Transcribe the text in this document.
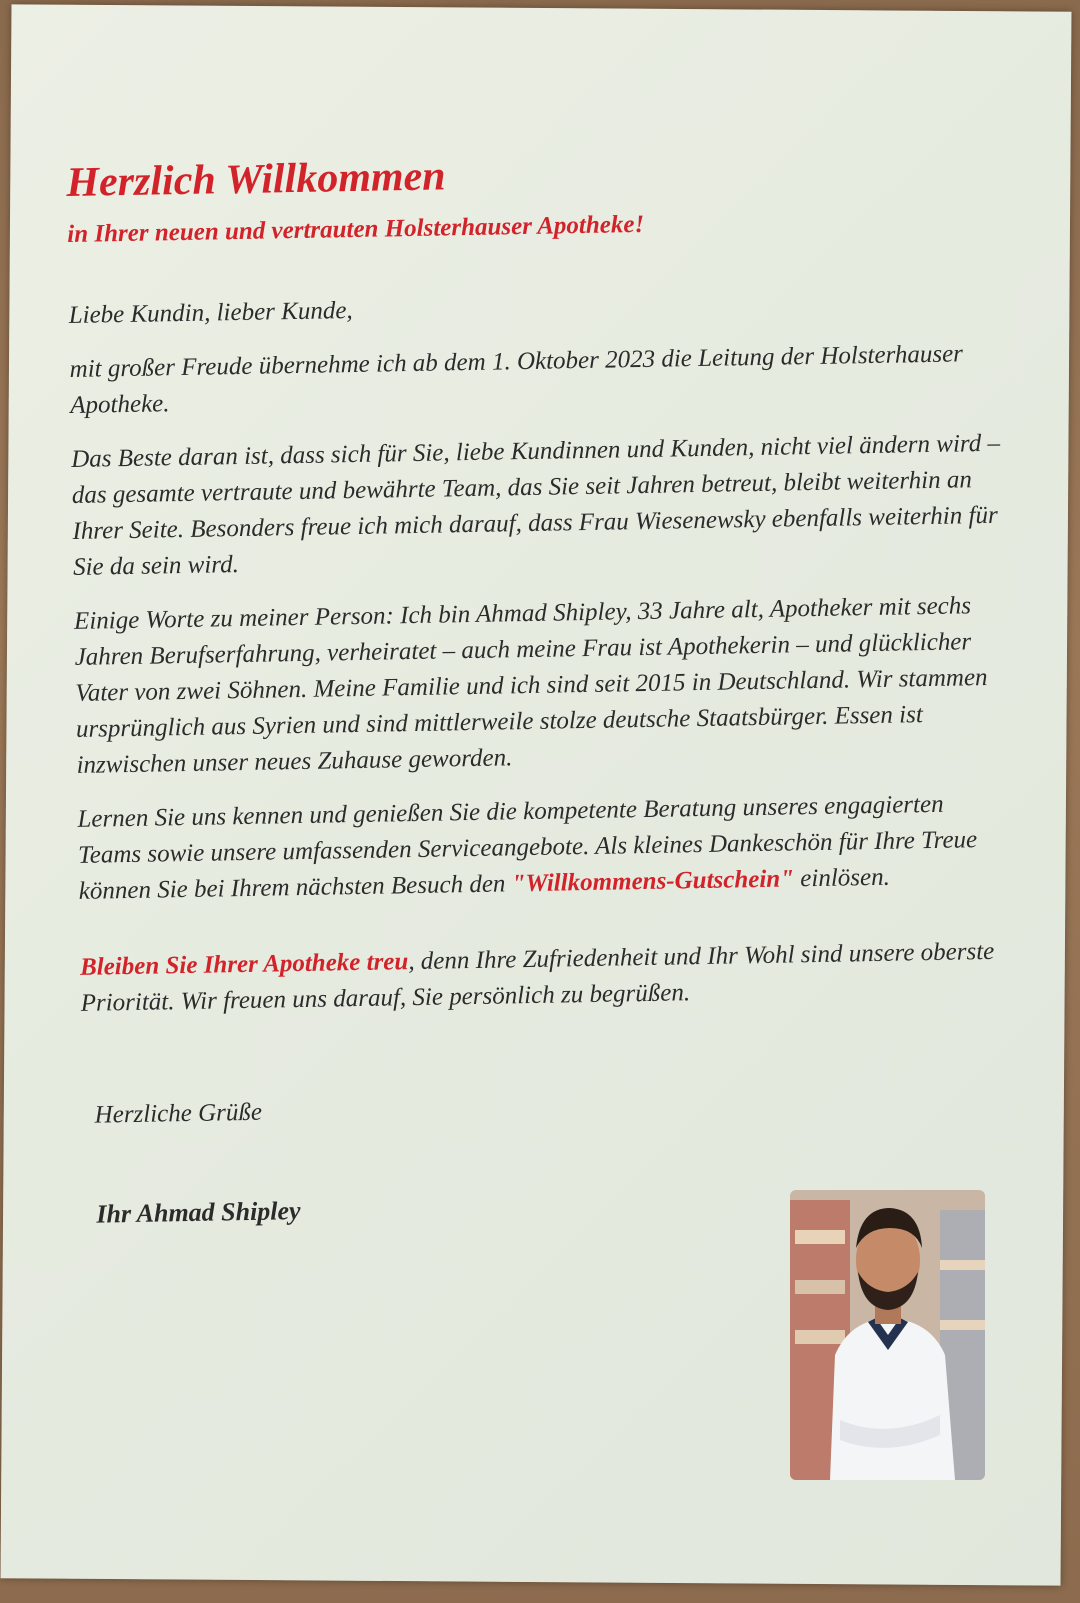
Herzlich Willkommen
in Ihrer neuen und vertrauten Holsterhauser Apotheke!
Liebe Kundin, lieber Kunde,
mit großer Freude übernehme ich ab dem 1. Oktober 2023 die Leitung der Holsterhauser Apotheke.
Das Beste daran ist, dass sich für Sie, liebe Kundinnen und Kunden, nicht viel ändern wird – das gesamte vertraute und bewährte Team, das Sie seit Jahren betreut, bleibt weiterhin an Ihrer Seite. Besonders freue ich mich darauf, dass Frau Wiesenewsky ebenfalls weiterhin für Sie da sein wird.
Einige Worte zu meiner Person: Ich bin Ahmad Shipley, 33 Jahre alt, Apotheker mit sechs Jahren Berufserfahrung, verheiratet – auch meine Frau ist Apothekerin – und glücklicher Vater von zwei Söhnen. Meine Familie und ich sind seit 2015 in Deutschland. Wir stammen ursprünglich aus Syrien und sind mittlerweile stolze deutsche Staatsbürger. Essen ist inzwischen unser neues Zuhause geworden.
Lernen Sie uns kennen und genießen Sie die kompetente Beratung unseres engagierten Teams sowie unsere umfassenden Serviceangebote. Als kleines Dankeschön für Ihre Treue können Sie bei Ihrem nächsten Besuch den "Willkommens-Gutschein" einlösen.
Bleiben Sie Ihrer Apotheke treu, denn Ihre Zufriedenheit und Ihr Wohl sind unsere oberste Priorität. Wir freuen uns darauf, Sie persönlich zu begrüßen.
Herzliche Grüße
Ihr Ahmad Shipley
